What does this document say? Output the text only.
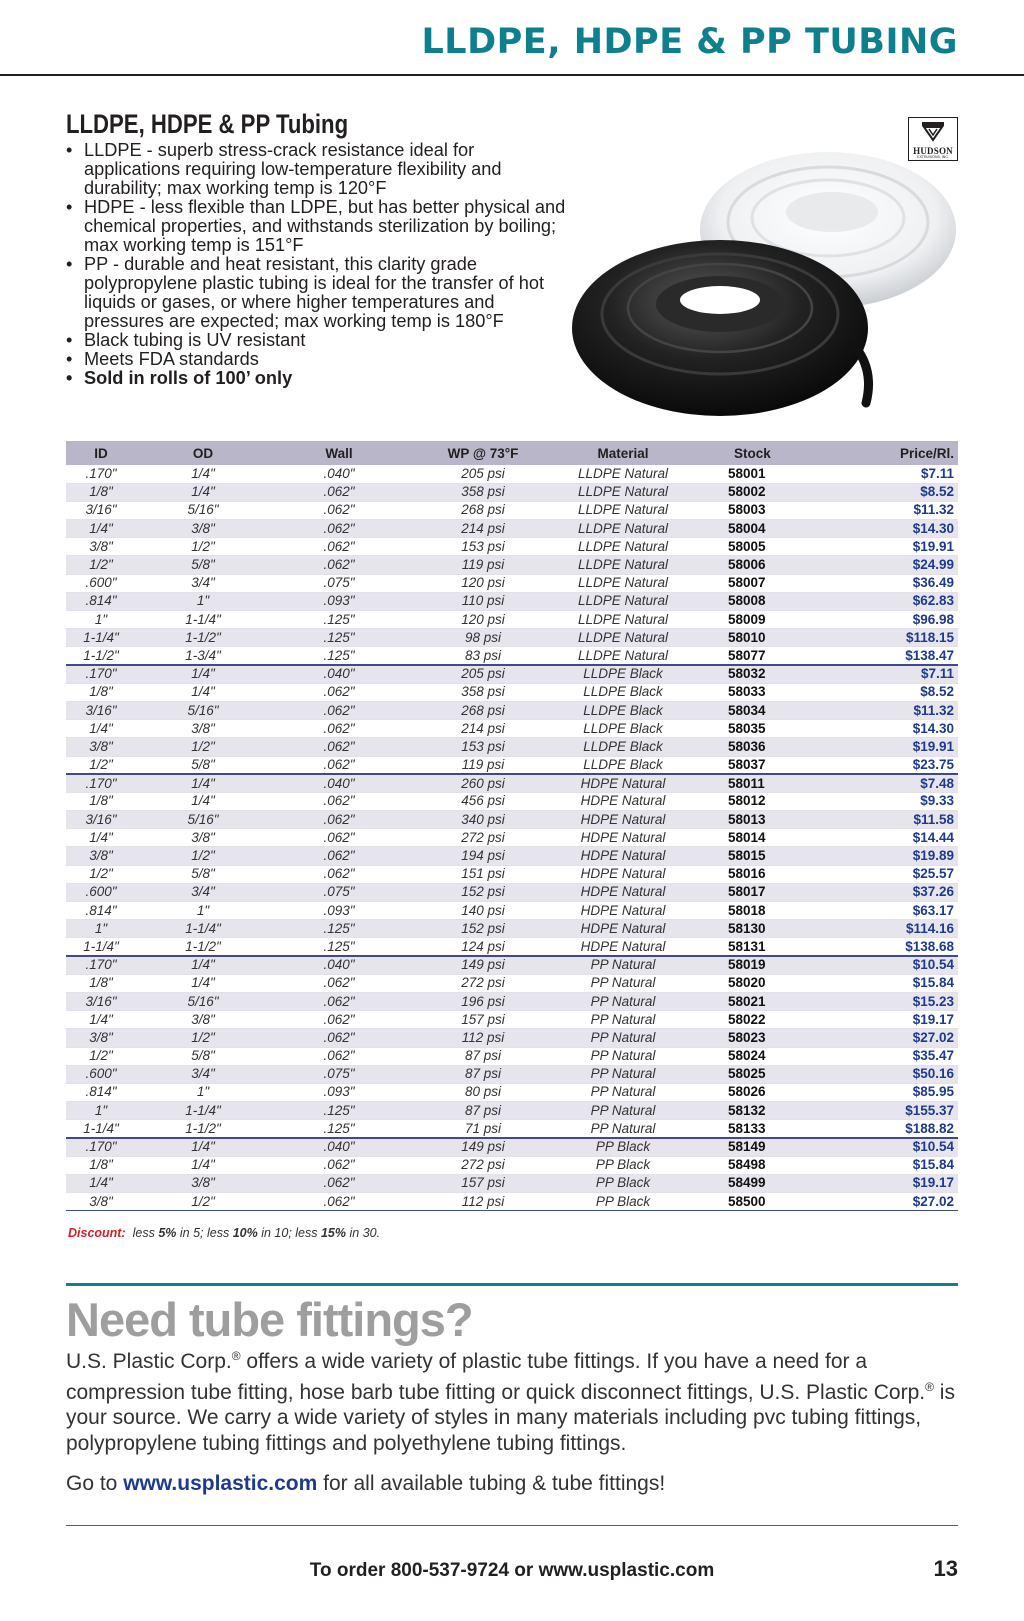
LLDPE, HDPE & PP TUBING
LLDPE, HDPE & PP Tubing
• LLDPE - superb stress-crack resistance ideal for applications requiring low-temperature flexibility and durability; max working temp is 120°F
• HDPE - less flexible than LDPE, but has better physical and chemical properties, and withstands sterilization by boiling; max working temp is 151°F
• PP - durable and heat resistant, this clarity grade polypropylene plastic tubing is ideal for the transfer of hot liquids or gases, or where higher temperatures and pressures are expected; max working temp is 180°F
• Black tubing is UV resistant
• Meets FDA standards
• Sold in rolls of 100’ only
HUDSON
EXTRUSIONS, INC.
ID	OD	Wall	WP @ 73°F	Material	Stock	Price/Rl.
.170"	1/4"	.040"	205 psi	LLDPE Natural	58001	$7.11
1/8"	1/4"	.062"	358 psi	LLDPE Natural	58002	$8.52
3/16"	5/16"	.062"	268 psi	LLDPE Natural	58003	$11.32
1/4"	3/8"	.062"	214 psi	LLDPE Natural	58004	$14.30
3/8"	1/2"	.062"	153 psi	LLDPE Natural	58005	$19.91
1/2"	5/8"	.062"	119 psi	LLDPE Natural	58006	$24.99
.600"	3/4"	.075"	120 psi	LLDPE Natural	58007	$36.49
.814"	1"	.093"	110 psi	LLDPE Natural	58008	$62.83
1"	1-1/4"	.125"	120 psi	LLDPE Natural	58009	$96.98
1-1/4"	1-1/2"	.125"	98 psi	LLDPE Natural	58010	$118.15
1-1/2"	1-3/4"	.125"	83 psi	LLDPE Natural	58077	$138.47
.170"	1/4"	.040"	205 psi	LLDPE Black	58032	$7.11
1/8"	1/4"	.062"	358 psi	LLDPE Black	58033	$8.52
3/16"	5/16"	.062"	268 psi	LLDPE Black	58034	$11.32
1/4"	3/8"	.062"	214 psi	LLDPE Black	58035	$14.30
3/8"	1/2"	.062"	153 psi	LLDPE Black	58036	$19.91
1/2"	5/8"	.062"	119 psi	LLDPE Black	58037	$23.75
.170"	1/4"	.040"	260 psi	HDPE Natural	58011	$7.48
1/8"	1/4"	.062"	456 psi	HDPE Natural	58012	$9.33
3/16"	5/16"	.062"	340 psi	HDPE Natural	58013	$11.58
1/4"	3/8"	.062"	272 psi	HDPE Natural	58014	$14.44
3/8"	1/2"	.062"	194 psi	HDPE Natural	58015	$19.89
1/2"	5/8"	.062"	151 psi	HDPE Natural	58016	$25.57
.600"	3/4"	.075"	152 psi	HDPE Natural	58017	$37.26
.814"	1"	.093"	140 psi	HDPE Natural	58018	$63.17
1"	1-1/4"	.125"	152 psi	HDPE Natural	58130	$114.16
1-1/4"	1-1/2"	.125"	124 psi	HDPE Natural	58131	$138.68
.170"	1/4"	.040"	149 psi	PP Natural	58019	$10.54
1/8"	1/4"	.062"	272 psi	PP Natural	58020	$15.84
3/16"	5/16"	.062"	196 psi	PP Natural	58021	$15.23
1/4"	3/8"	.062"	157 psi	PP Natural	58022	$19.17
3/8"	1/2"	.062"	112 psi	PP Natural	58023	$27.02
1/2"	5/8"	.062"	87 psi	PP Natural	58024	$35.47
.600"	3/4"	.075"	87 psi	PP Natural	58025	$50.16
.814"	1"	.093"	80 psi	PP Natural	58026	$85.95
1"	1-1/4"	.125"	87 psi	PP Natural	58132	$155.37
1-1/4"	1-1/2"	.125"	71 psi	PP Natural	58133	$188.82
.170"	1/4"	.040"	149 psi	PP Black	58149	$10.54
1/8"	1/4"	.062"	272 psi	PP Black	58498	$15.84
1/4"	3/8"	.062"	157 psi	PP Black	58499	$19.17
3/8"	1/2"	.062"	112 psi	PP Black	58500	$27.02
Discount: less 5% in 5; less 10% in 10; less 15% in 30.
Need tube fittings?
U.S. Plastic Corp.® offers a wide variety of plastic tube fittings. If you have a need for a compression tube fitting, hose barb tube fitting or quick disconnect fittings, U.S. Plastic Corp.® is your source. We carry a wide variety of styles in many materials including pvc tubing fittings, polypropylene tubing fittings and polyethylene tubing fittings.
Go to www.usplastic.com for all available tubing & tube fittings!
To order 800-537-9724 or www.usplastic.com	13
